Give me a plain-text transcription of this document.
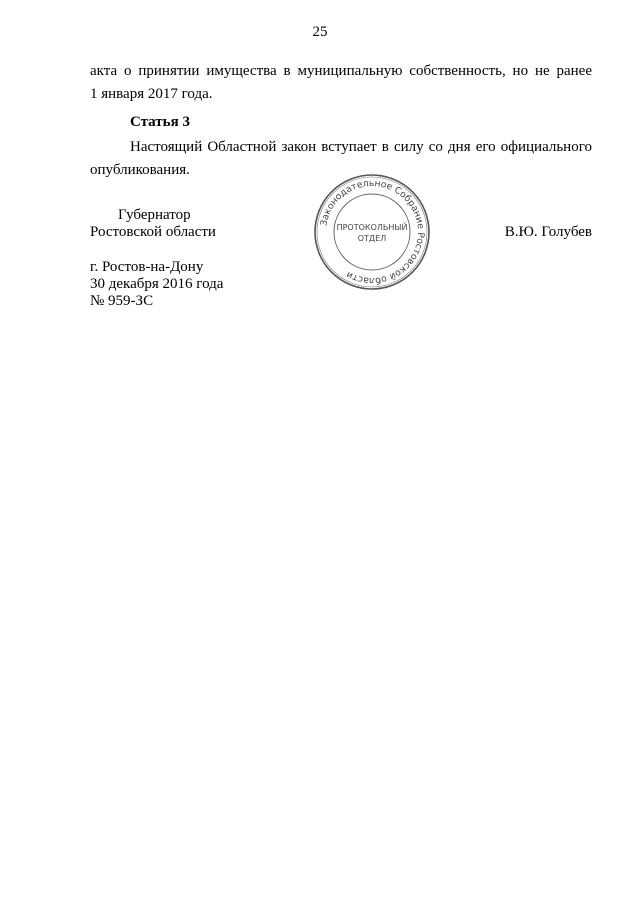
25
акта о принятии имущества в муниципальную собственность, но не ранее
1 января 2017 года.
Статья 3
Настоящий Областной закон вступает в силу со дня его официального
опубликования.
Губернатор
Ростовской области	В.Ю. Голубев
Законодательное Собрание Ростовской области
ПРОТОКОЛЬНЫЙ
ОТДЕЛ
г. Ростов-на-Дону
30 декабря 2016 года
№ 959-ЗС
